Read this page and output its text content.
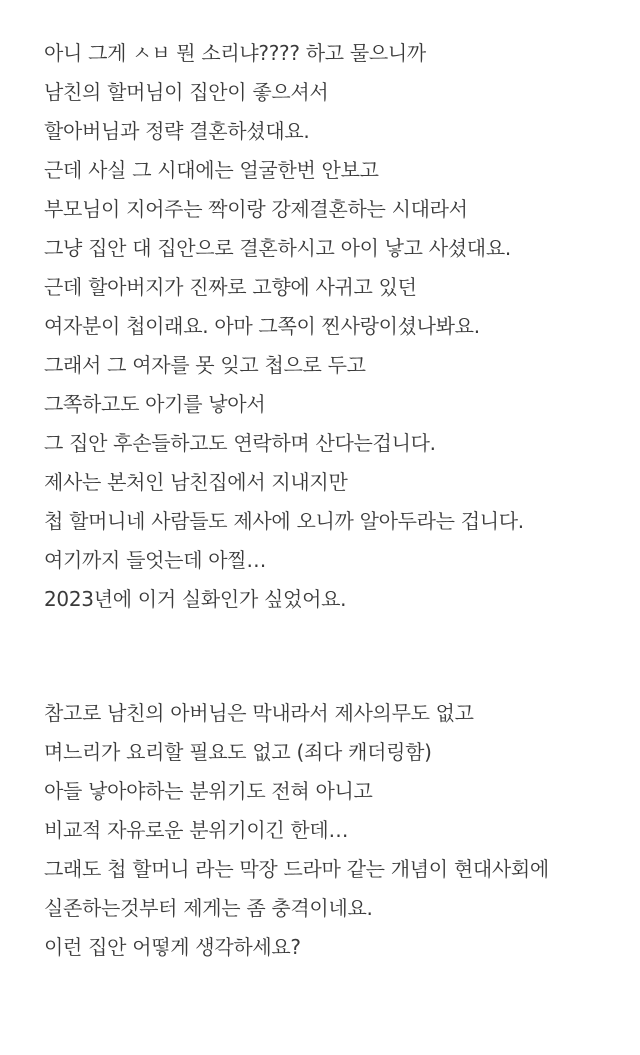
아니 그게 ㅅㅂ 뭔 소리냐???? 하고 물으니까
남친의 할머님이 집안이 좋으셔서
할아버님과 정략 결혼하셨대요.
근데 사실 그 시대에는 얼굴한번 안보고
부모님이 지어주는 짝이랑 강제결혼하는 시대라서
그냥 집안 대 집안으로 결혼하시고 아이 낳고 사셨대요.
근데 할아버지가 진짜로 고향에 사귀고 있던
여자분이 첩이래요. 아마 그쪽이 찐사랑이셨나봐요.
그래서 그 여자를 못 잊고 첩으로 두고
그쪽하고도 아기를 낳아서
그 집안 후손들하고도 연락하며 산다는겁니다.
제사는 본처인 남친집에서 지내지만
첩 할머니네 사람들도 제사에 오니까 알아두라는 겁니다.
여기까지 들엇는데 아찔…
2023년에 이거 실화인가 싶었어요.
참고로 남친의 아버님은 막내라서 제사의무도 없고
며느리가 요리할 필요도 없고 (죄다 캐더링함)
아들 낳아야하는 분위기도 전혀 아니고
비교적 자유로운 분위기이긴 한데…
그래도 첩 할머니 라는 막장 드라마 같는 개념이 현대사회에
실존하는것부터 제게는 좀 충격이네요.
이런 집안 어떻게 생각하세요?
